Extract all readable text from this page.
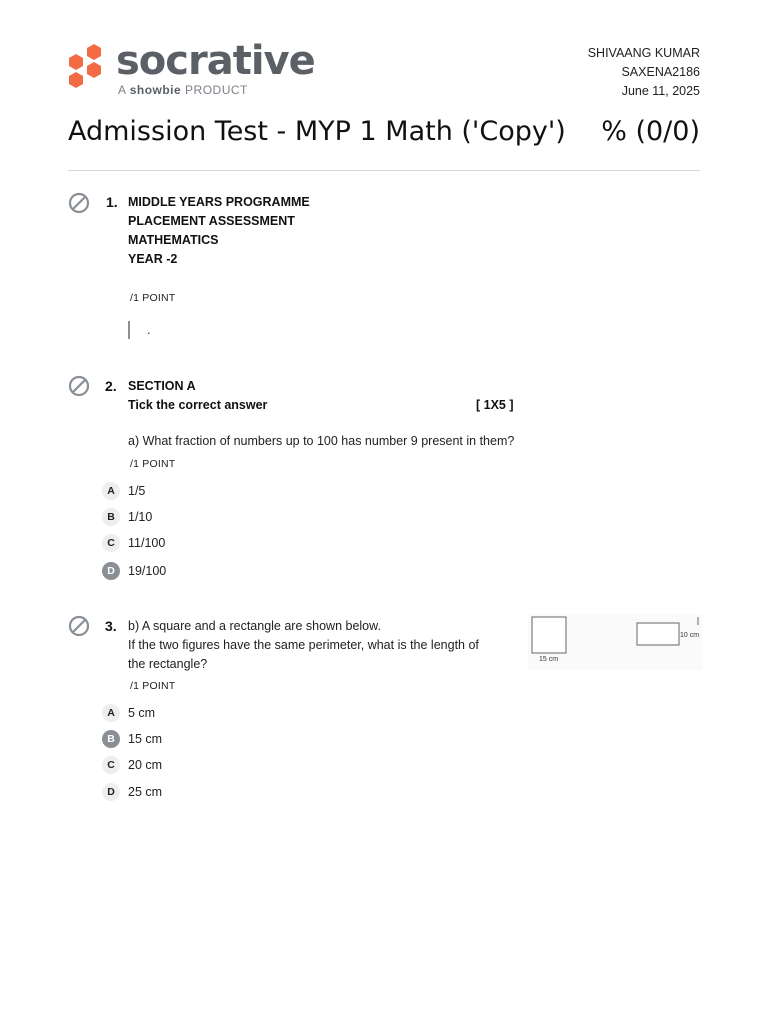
socrative
A showbie PRODUCT
SHIVAANG KUMAR
SAXENA2186
June 11, 2025
Admission Test - MYP 1 Math ('Copy') % (0/0)
1. MIDDLE YEARS PROGRAMME
PLACEMENT ASSESSMENT
MATHEMATICS
YEAR -2
/1 POINT
.
2. SECTION A
Tick the correct answer	[ 1X5 ]
a) What fraction of numbers up to 100 has number 9 present in them?
/1 POINT
A	1/5
B	1/10
C	11/100
D	19/100
3. b) A square and a rectangle are shown below.
If the two figures have the same perimeter, what is the length of
the rectangle?	15 cm
10 cm
/1 POINT
A	5 cm
B	15 cm
C	20 cm
D	25 cm
